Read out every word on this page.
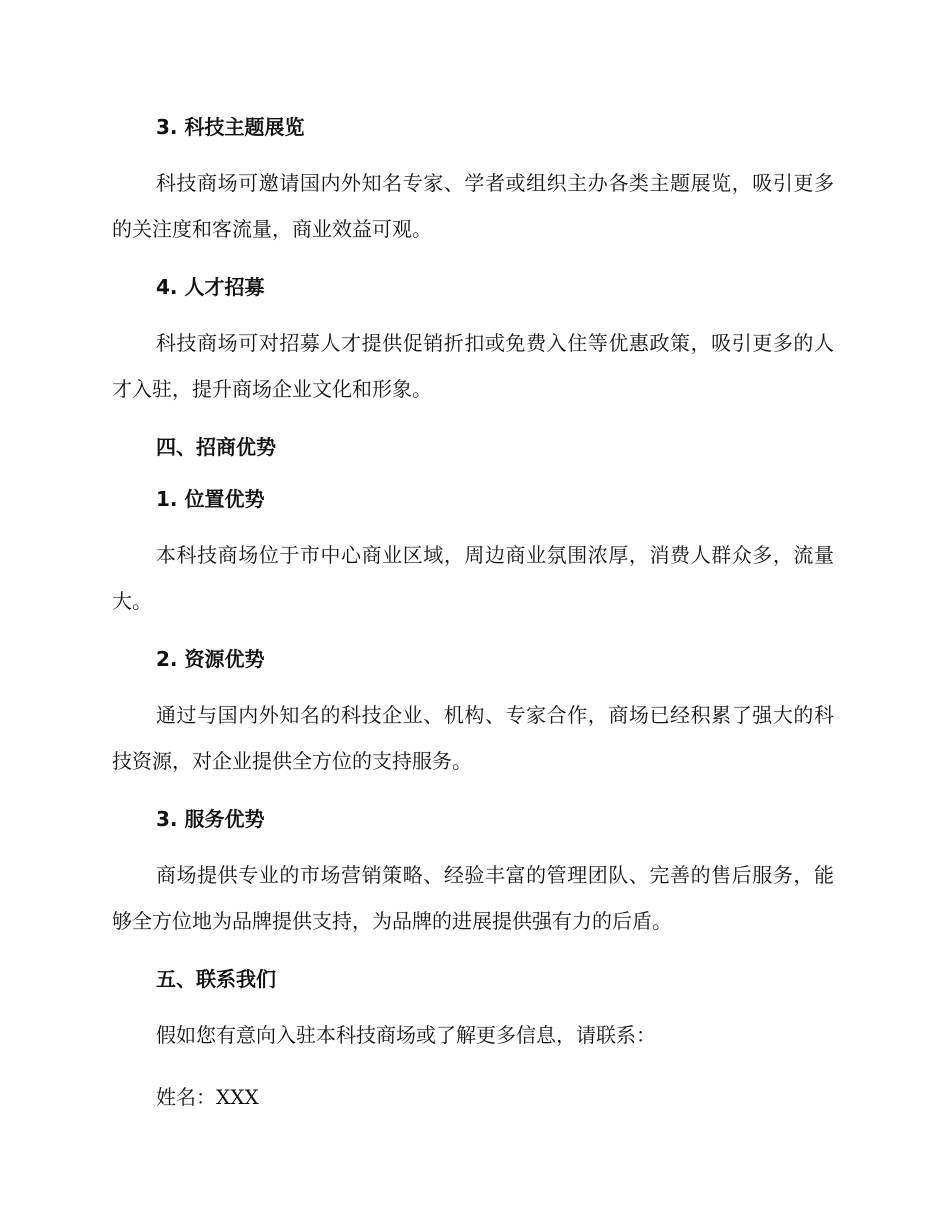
3. 科技主题展览

科技商场可邀请国内外知名专家、学者或组织主办各类主题展览，吸引更多的关注度和客流量，商业效益可观。

4. 人才招募

科技商场可对招募人才提供促销折扣或免费入住等优惠政策，吸引更多的人才入驻，提升商场企业文化和形象。

四、招商优势
1. 位置优势

本科技商场位于市中心商业区域，周边商业氛围浓厚，消费人群众多，流量大。

2. 资源优势

通过与国内外知名的科技企业、机构、专家合作，商场已经积累了强大的科技资源，对企业提供全方位的支持服务。

3. 服务优势

商场提供专业的市场营销策略、经验丰富的管理团队、完善的售后服务，能够全方位地为品牌提供支持，为品牌的进展提供强有力的后盾。

五、联系我们

假如您有意向入驻本科技商场或了解更多信息，请联系：

姓名：XXX
